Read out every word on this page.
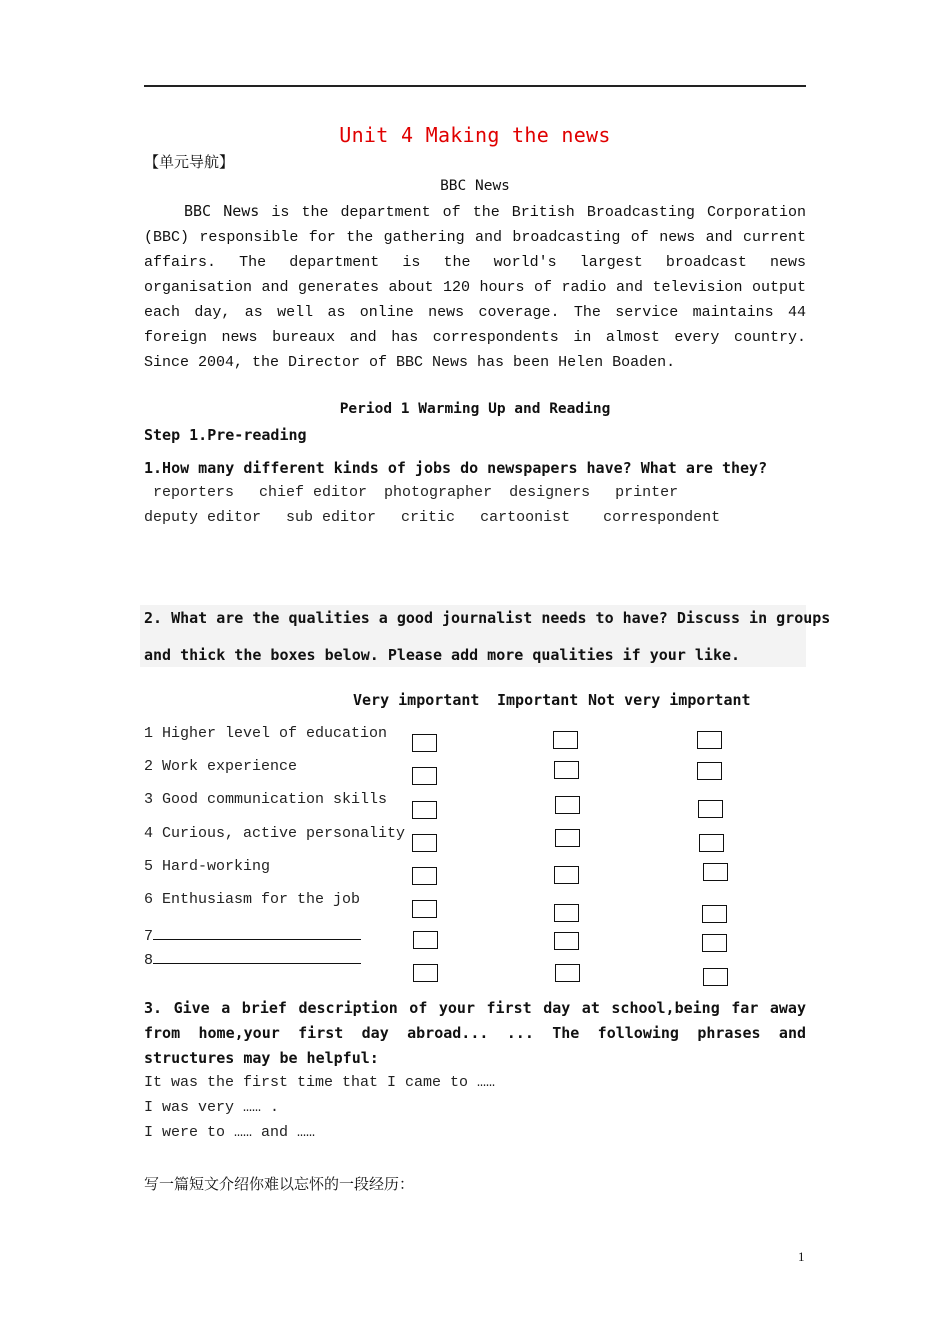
Unit 4 Making the news
【单元导航】
BBC News
BBC News is the department of the British Broadcasting Corporation (BBC) responsible for the gathering and broadcasting of news and current affairs. The department is the world's largest broadcast news organisation and generates about 120 hours of radio and television output each day, as well as online news coverage. The service maintains 44 foreign news bureaux and has correspondents in almost every country. Since 2004, the Director of BBC News has been Helen Boaden.
Period 1 Warming Up and Reading
Step 1.Pre-reading
1.How many different kinds of jobs do newspapers have? What are they?
reporters chief editor photographer designers printer
deputy editor sub editor critic cartoonist correspondent
2. What are the qualities a good journalist needs to have? Discuss in groups
and thick the boxes below. Please add more qualities if your like.
Very important Important Not very important
1 Higher level of education
2 Work experience
3 Good communication skills
4 Curious, active personality
5 Hard-working
6 Enthusiasm for the job
7
8
3. Give a brief description of your first day at school,being far away from home,your first day abroad... ... The following phrases and structures may be helpful:
It was the first time that I came to ……
I was very …… .
I were to …… and ……
写一篇短文介绍你难以忘怀的一段经历：
1
